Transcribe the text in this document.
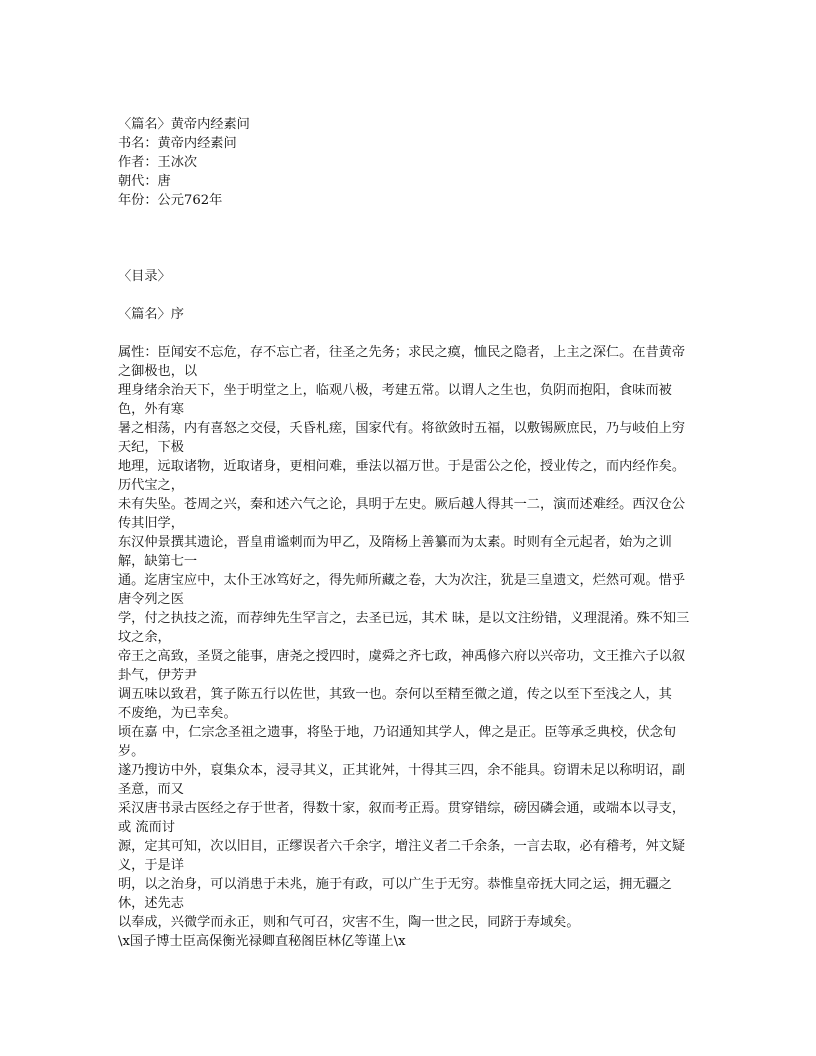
〈篇名〉黄帝内经素问
书名：黄帝内经素问
作者：王冰次
朝代：唐
年份：公元762年
〈目录〉
〈篇名〉序
属性：臣闻安不忘危，存不忘亡者，往圣之先务；求民之瘼，恤民之隐者，上主之深仁。在昔黄帝之御极也，以
理身绪余治天下，坐于明堂之上，临观八极，考建五常。以谓人之生也，负阴而抱阳，食味而被色，外有寒
暑之相荡，内有喜怒之交侵，夭昏札瘥，国家代有。将欲敛时五福，以敷锡厥庶民，乃与岐伯上穷天纪，下极
地理，远取诸物，近取诸身，更相问难，垂法以福万世。于是雷公之伦，授业传之，而内经作矣。历代宝之，
未有失坠。苍周之兴，秦和述六气之论，具明于左史。厥后越人得其一二，演而述难经。西汉仓公传其旧学，
东汉仲景撰其遗论，晋皇甫谧刺而为甲乙，及隋杨上善纂而为太素。时则有全元起者，始为之训解，缺第七一
通。迄唐宝应中，太仆王冰笃好之，得先师所藏之卷，大为次注，犹是三皇遗文，烂然可观。惜乎唐令列之医
学，付之执技之流，而荐绅先生罕言之，去圣已远，其术 昧，是以文注纷错，义理混淆。殊不知三坟之余，
帝王之高致，圣贤之能事，唐尧之授四时，虞舜之齐七政，神禹修六府以兴帝功，文王推六子以叙卦气，伊芳尹
调五味以致君，箕子陈五行以佐世，其致一也。奈何以至精至微之道，传之以至下至浅之人，其
不废绝，为已幸矣。
顷在嘉 中，仁宗念圣祖之遗事，将坠于地，乃诏通知其学人，俾之是正。臣等承乏典校，伏念旬岁。
遂乃搜访中外，裒集众本，浸寻其义，正其讹舛，十得其三四，余不能具。窃谓未足以称明诏，副圣意，而又
采汉唐书录古医经之存于世者，得数十家，叙而考正焉。贯穿错综，磅因磷会通，或端本以寻支，或 流而讨
源，定其可知，次以旧目，正缪误者六千余字，增注义者二千余条，一言去取，必有稽考，舛文疑义，于是详
明，以之治身，可以消患于未兆，施于有政，可以广生于无穷。恭惟皇帝抚大同之运，拥无疆之休，述先志
以奉成，兴微学而永正，则和气可召，灾害不生，陶一世之民，同跻于寿域矣。
\x国子博士臣高保衡光禄卿直秘阁臣林亿等谨上\x
